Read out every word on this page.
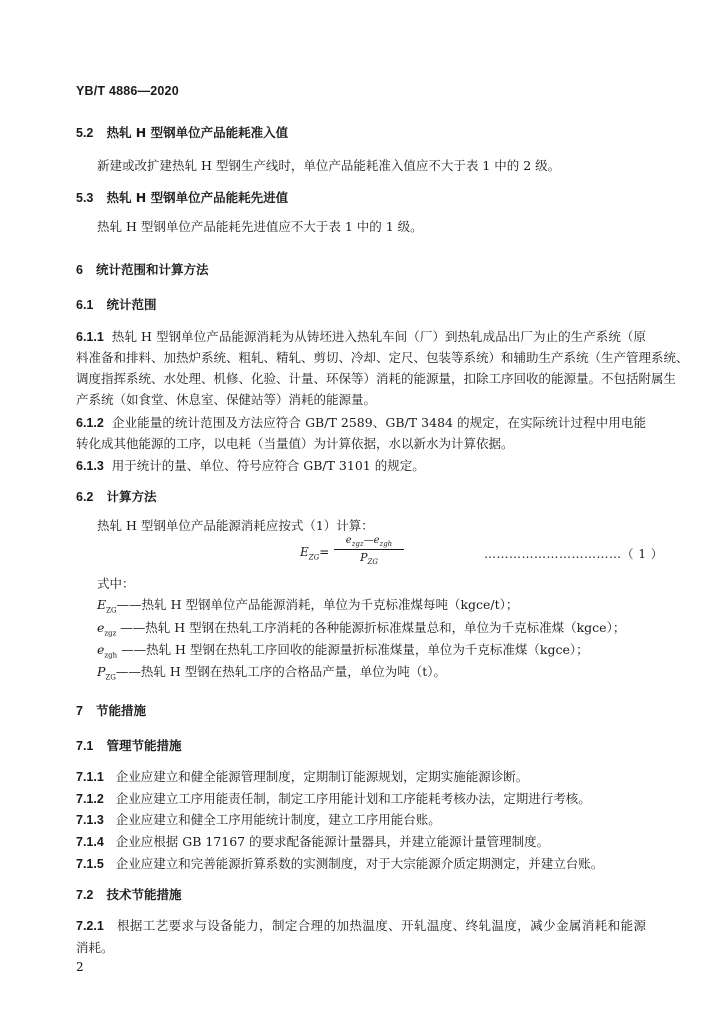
YB/T 4886—2020
5.2 热轧 H 型钢单位产品能耗准入值
新建或改扩建热轧 H 型钢生产线时，单位产品能耗准入值应不大于表 1 中的 2 级。
5.3 热轧 H 型钢单位产品能耗先进值
热轧 H 型钢单位产品能耗先进值应不大于表 1 中的 1 级。
6 统计范围和计算方法
6.1 统计范围
6.1.1 热轧 H 型钢单位产品能源消耗为从铸坯进入热轧车间（厂）到热轧成品出厂为止的生产系统（原
料准备和排料、加热炉系统、粗轧、精轧、剪切、冷却、定尺、包装等系统）和辅助生产系统（生产管理系统、
调度指挥系统、水处理、机修、化验、计量、环保等）消耗的能源量，扣除工序回收的能源量。不包括附属生
产系统（如食堂、休息室、保健站等）消耗的能源量。
6.1.2 企业能量的统计范围及方法应符合 GB/T 2589、GB/T 3484 的规定，在实际统计过程中用电能
转化成其他能源的工序，以电耗（当量值）为计算依据，水以新水为计算依据。
6.1.3 用于统计的量、单位、符号应符合 GB/T 3101 的规定。
6.2 计算方法
热轧 H 型钢单位产品能源消耗应按式（1）计算：
$E_{ZG}=$
$e_{zgz}—e_{zgh}$
$P_{ZG}$
……………………………（ 1 ）
式中：
$E_{ZG}——$热轧 H 型钢单位产品能源消耗，单位为千克标准煤每吨（kgce/t）；
$e_{zgz}$ ——热轧 H 型钢在热轧工序消耗的各种能源折标准煤量总和，单位为千克标准煤（kgce）；
$e_{zgh}$ ——热轧 H 型钢在热轧工序回收的能源量折标准煤量，单位为千克标准煤（kgce）；
$P_{ZG}——$热轧 H 型钢在热轧工序的合格品产量，单位为吨（t）。
7 节能措施
7.1 管理节能措施
7.1.1 企业应建立和健全能源管理制度，定期制订能源规划，定期实施能源诊断。
7.1.2 企业应建立工序用能责任制，制定工序用能计划和工序能耗考核办法，定期进行考核。
7.1.3 企业应建立和健全工序用能统计制度，建立工序用能台账。
7.1.4 企业应根据 GB 17167 的要求配备能源计量器具，并建立能源计量管理制度。
7.1.5 企业应建立和完善能源折算系数的实测制度，对于大宗能源介质定期测定，并建立台账。
7.2 技术节能措施
7.2.1 根据工艺要求与设备能力，制定合理的加热温度、开轧温度、终轧温度，减少金属消耗和能源
消耗。
2
